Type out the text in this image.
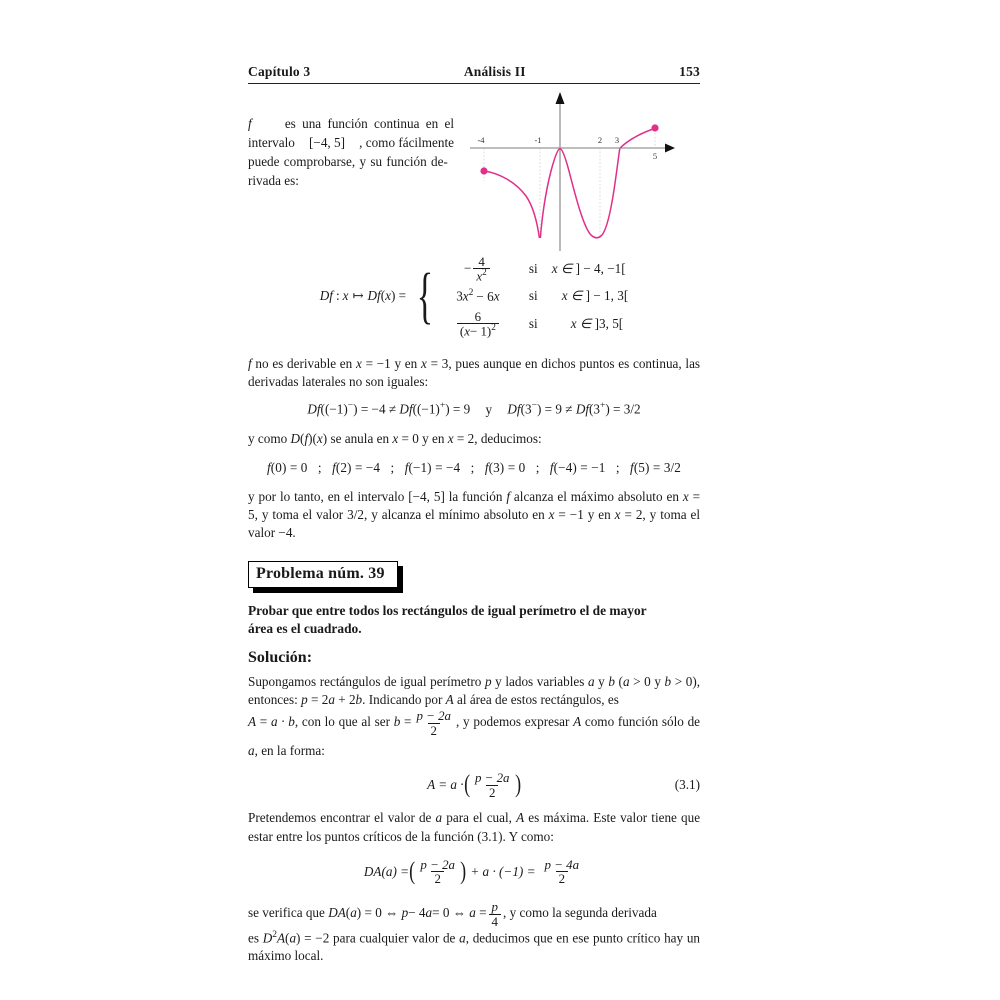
Capítulo 3	Análisis II	153
f	es una función continua en el
intervalo [−4, 5] , como fácilmente
puede comprobarse, y su función de-
rivada es:
-4	-1	2 3
5
Df : x ↦ Df(x) = { − $\frac{4}{x^2}$	si	x ∈ ] − 4, −1[
$3x^2 - 6x$	si	x ∈ ] − 1, 3[

$\frac{6}{(x- 1)^2}$	si	x ∈ ]3, 5[

f no es derivable en x = −1 y en x = 3, pues aunque en dichos puntos es continua, las derivadas laterales no son iguales:

Df((−1)−) = −4 ≠ Df((−1)+) = 9 y Df(3−) = 9 ≠ Df(3+) = 3/2

y como D(f)(x) se anula en x = 0 y en x = 2, deducimos:

f(0) = 0 ; f(2) = −4 ; f(−1) = −4 ; f(3) = 0 ; f(−4) = −1 ; f(5) = 3/2

y por lo tanto, en el intervalo [−4, 5] la función f alcanza el máximo absoluto en x = 5, y toma el valor 3/2, y alcanza el mínimo absoluto en x = −1 y en x = 2, y toma el valor −4.

Problema núm. 39
Probar que entre todos los rectángulos de igual perímetro el de mayor
área es el cuadrado.
Solución:

Supongamos rectángulos de igual perímetro p y lados variables a y b (a > 0 y b > 0), entonces: p = 2a + 2b. Indicando por A al área de estos rectángulos, es

A = a · b, con lo que al ser $b = \frac{p - 2a}{2}$ , y podemos expresar A como función sólo de a, en la forma:

A = a · ( $\frac{p - 2a}{2}$ )	(3.1)

Pretendemos encontrar el valor de a para el cual, A es máxima. Este valor tiene que estar entre los puntos críticos de la función (3.1). Y como:

DA(a) = ( $\frac{p - 2a}{2}$ ) + $a \cdot (-1) = \frac{p - 4a}{2}$

se verifica que DA(a) = 0 ⇔ p− 4a= 0 ⇔ $a = \frac{p}{4}$ , y como la segunda derivada

es $D^2A(a) = -2$ para cualquier valor de a, deducimos que en ese punto crítico hay un máximo local.
